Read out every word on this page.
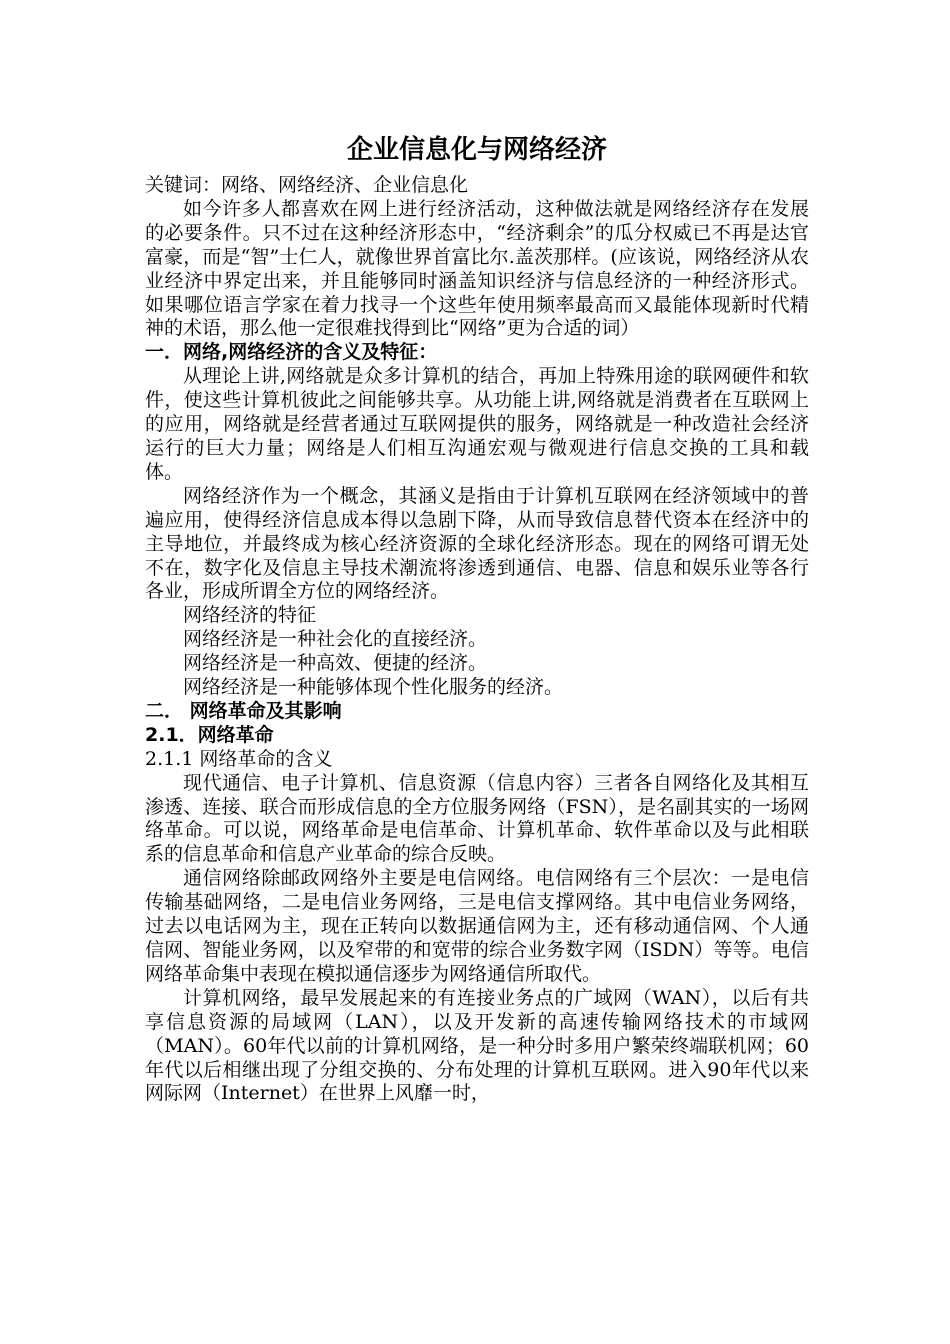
企业信息化与网络经济

关键词：网络、网络经济、企业信息化

如今许多人都喜欢在网上进行经济活动，这种做法就是网络经济存在发展的必要条件。只不过在这种经济形态中，“经济剩余”的瓜分权威已不再是达官富豪，而是“智”士仁人，就像世界首富比尔.盖茨那样。(应该说，网络经济从农业经济中界定出来，并且能够同时涵盖知识经济与信息经济的一种经济形式。如果哪位语言学家在着力找寻一个这些年使用频率最高而又最能体现新时代精神的术语，那么他一定很难找得到比“网络”更为合适的词）

一．网络,网络经济的含义及特征：

从理论上讲,网络就是众多计算机的结合，再加上特殊用途的联网硬件和软件，使这些计算机彼此之间能够共享。从功能上讲,网络就是消费者在互联网上的应用，网络就是经营者通过互联网提供的服务，网络就是一种改造社会经济运行的巨大力量；网络是人们相互沟通宏观与微观进行信息交换的工具和载体。

网络经济作为一个概念，其涵义是指由于计算机互联网在经济领域中的普遍应用，使得经济信息成本得以急剧下降，从而导致信息替代资本在经济中的主导地位，并最终成为核心经济资源的全球化经济形态。现在的网络可谓无处不在，数字化及信息主导技术潮流将渗透到通信、电器、信息和娱乐业等各行各业，形成所谓全方位的网络经济。

网络经济的特征

网络经济是一种社会化的直接经济。

网络经济是一种高效、便捷的经济。

网络经济是一种能够体现个性化服务的经济。

二． 网络革命及其影响

2.1．网络革命

2.1.1 网络革命的含义

现代通信、电子计算机、信息资源（信息内容）三者各自网络化及其相互渗透、连接、联合而形成信息的全方位服务网络（FSN），是名副其实的一场网络革命。可以说，网络革命是电信革命、计算机革命、软件革命以及与此相联系的信息革命和信息产业革命的综合反映。

通信网络除邮政网络外主要是电信网络。电信网络有三个层次：一是电信传输基础网络，二是电信业务网络，三是电信支撑网络。其中电信业务网络，过去以电话网为主，现在正转向以数据通信网为主，还有移动通信网、个人通信网、智能业务网，以及窄带的和宽带的综合业务数字网（ISDN）等等。电信网络革命集中表现在模拟通信逐步为网络通信所取代。

计算机网络，最早发展起来的有连接业务点的广域网（WAN），以后有共享信息资源的局域网（LAN），以及开发新的高速传输网络技术的市域网（MAN）。60年代以前的计算机网络，是一种分时多用户繁荣终端联机网；60年代以后相继出现了分组交换的、分布处理的计算机互联网。进入90年代以来网际网（Internet）在世界上风靡一时，
